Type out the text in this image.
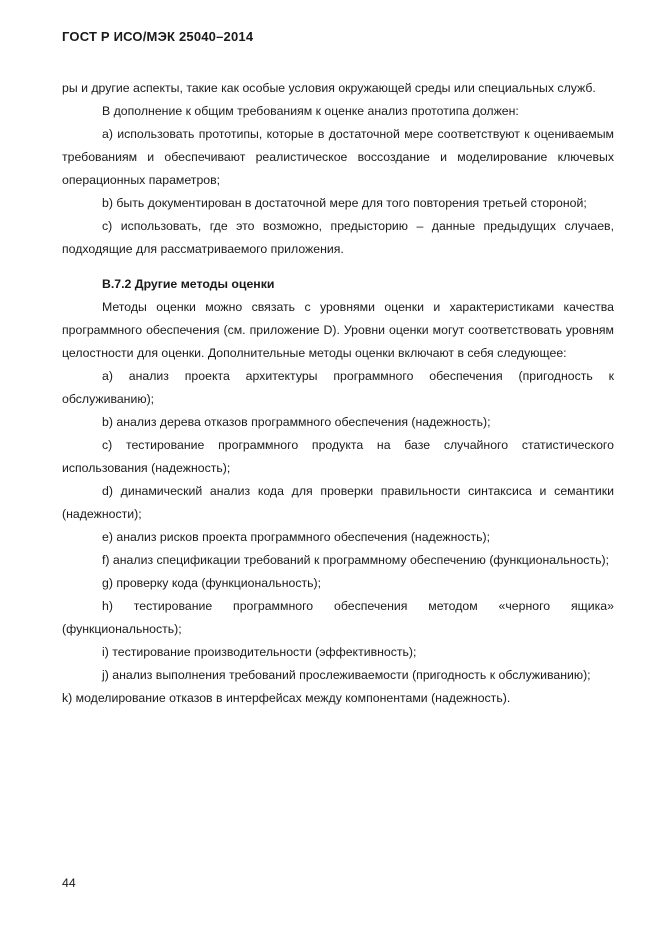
ГОСТ Р ИСО/МЭК 25040–2014

ры и другие аспекты, такие как особые условия окружающей среды или специальных служб.

В дополнение к общим требованиям к оценке анализ прототипа должен:

а) использовать прототипы, которые в достаточной мере соответствуют к оцениваемым требованиям и обеспечивают реалистическое воссоздание и моделирование ключевых операционных параметров;

b) быть документирован в достаточной мере для того повторения третьей стороной;

c) использовать, где это возможно, предысторию – данные предыдущих случаев, подходящие для рассматриваемого приложения.

В.7.2 Другие методы оценки

Методы оценки можно связать с уровнями оценки и характеристиками качества программного обеспечения (см. приложение D). Уровни оценки могут соответствовать уровням целостности для оценки. Дополнительные методы оценки включают в себя следующее:

а) анализ проекта архитектуры программного обеспечения (пригодность к обслуживанию);

b) анализ дерева отказов программного обеспечения (надежность);

c) тестирование программного продукта на базе случайного статистического использования (надежность);

d) динамический анализ кода для проверки правильности синтаксиса и семантики (надежности);

e) анализ рисков проекта программного обеспечения (надежность);

f) анализ спецификации требований к программному обеспечению (функциональность);

g) проверку кода (функциональность);

h) тестирование программного обеспечения методом «черного ящика» (функциональность);

i) тестирование производительности (эффективность);

j) анализ выполнения требований прослеживаемости (пригодность к обслуживанию);

k) моделирование отказов в интерфейсах между компонентами (надежность).

44
